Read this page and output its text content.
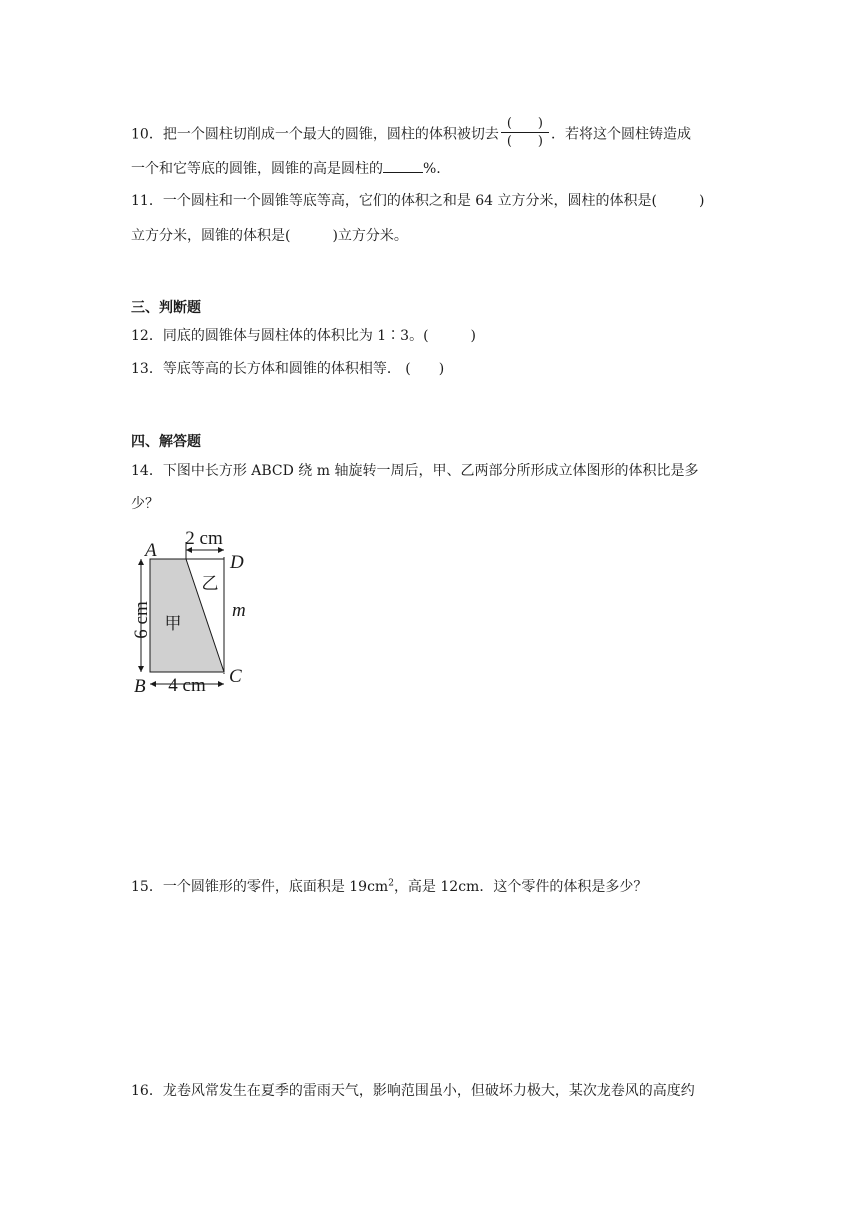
10．把一个圆柱切削成一个最大的圆锥，圆柱的体积被切去 $\frac{( )}{( )}$ ．若将这个圆柱铸造成
一个和它等底的圆锥，圆锥的高是圆柱的	%.
11．一个圆柱和一个圆锥等底等高，它们的体积之和是 64 立方分米，圆柱的体积是(　　　)
立方分米，圆锥的体积是(　　　)立方分米。
三、判断题
12．同底的圆锥体与圆柱体的体积比为 1∶3。(　　　)
13．等底等高的长方体和圆锥的体积相等． (　　)
四、解答题
14．下图中长方形 ABCD 绕 m 轴旋转一周后，甲、乙两部分所形成立体图形的体积比是多
少？
2 cm
6 cm
4 cm
A
B	C
D
m
甲
乙
15．一个圆锥形的零件，底面积是 $19cm^2$，高是 12cm．这个零件的体积是多少？
16．龙卷风常发生在夏季的雷雨天气，影响范围虽小，但破坏力极大，某次龙卷风的高度约
